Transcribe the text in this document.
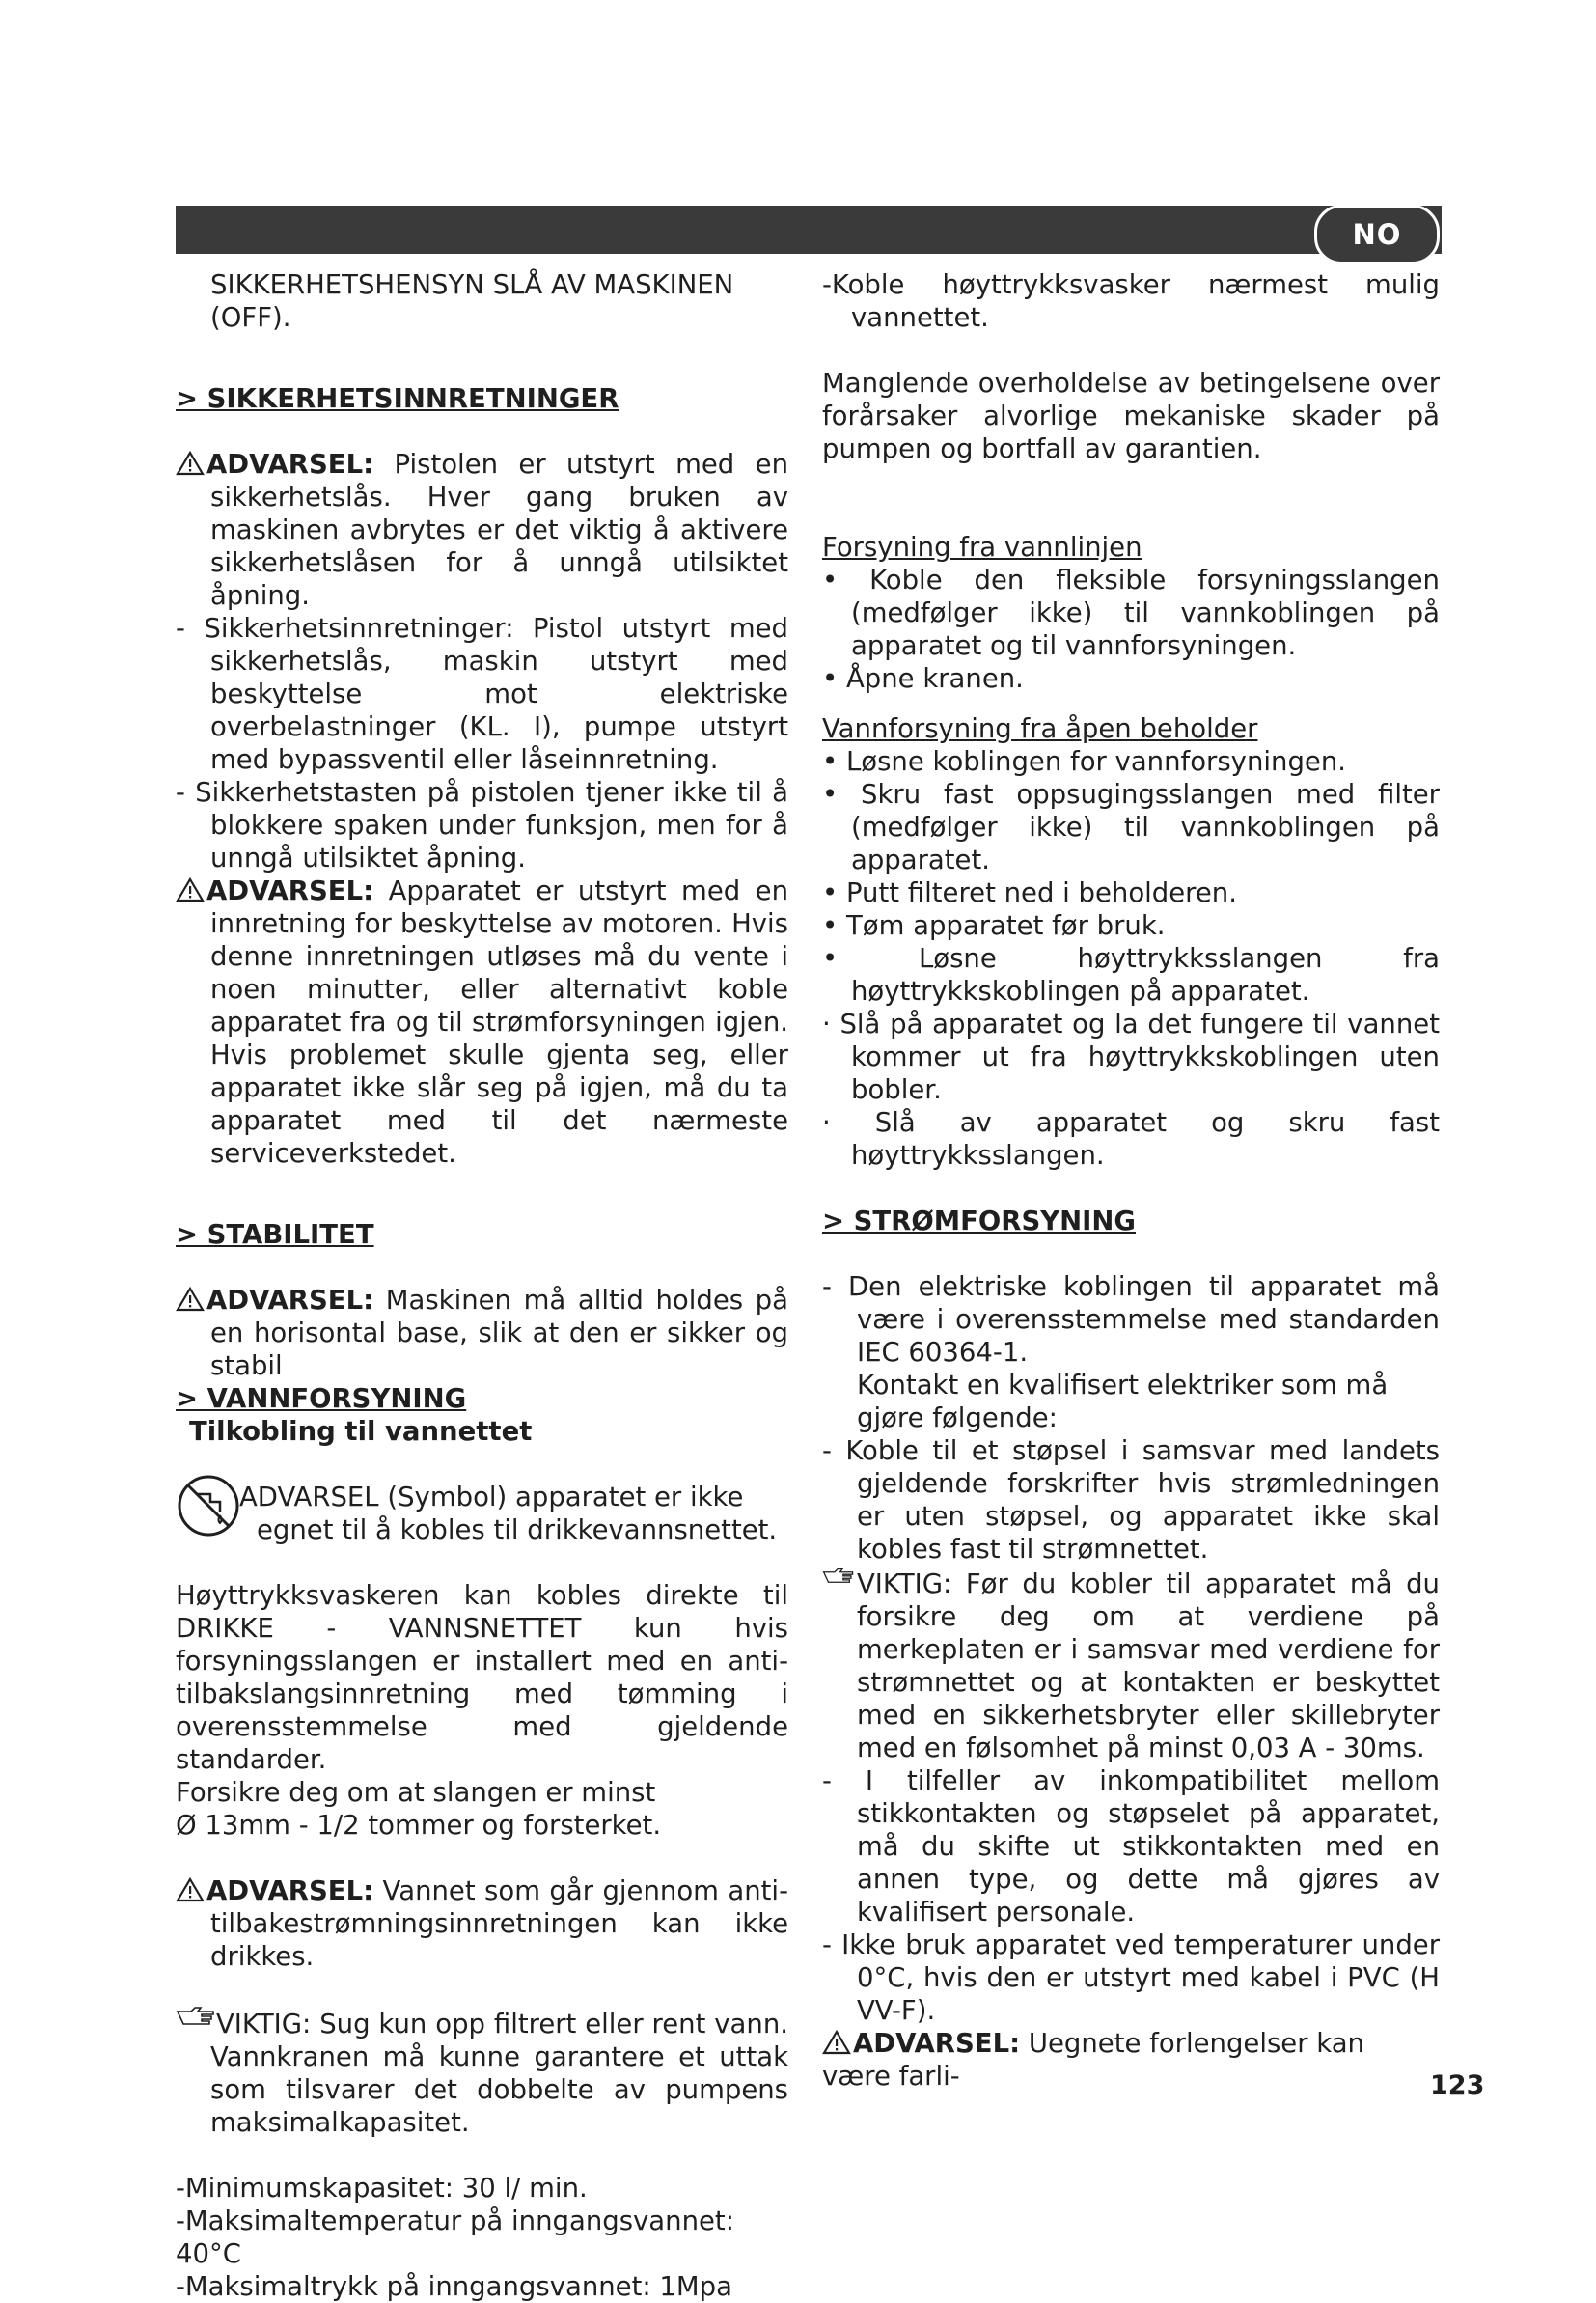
NO

SIKKERHETSHENSYN SLÅ AV MASKINEN (OFF).

> SIKKERHETSINNRETNINGER

ADVARSEL: Pistolen er utstyrt med en sikkerhetslås. Hver gang bruken av maskinen avbrytes er det viktig å aktivere sikkerhetslåsen for å unngå utilsiktet åpning.

- Sikkerhetsinnretninger: Pistol utstyrt med sikkerhetslås, maskin utstyrt med beskyttelse mot elektriske overbelastninger (KL. I), pumpe utstyrt med bypassventil eller låseinnretning.

- Sikkerhetstasten på pistolen tjener ikke til å blokkere spaken under funksjon, men for å unngå utilsiktet åpning.

ADVARSEL: Apparatet er utstyrt med en innretning for beskyttelse av motoren. Hvis denne innretningen utløses må du vente i noen minutter, eller alternativt koble apparatet fra og til strømforsyningen igjen. Hvis problemet skulle gjenta seg, eller apparatet ikke slår seg på igjen, må du ta apparatet med til det nærmeste serviceverkstedet.

> STABILITET

ADVARSEL: Maskinen må alltid holdes på en horisontal base, slik at den er sikker og stabil

> VANNFORSYNING

Tilkobling til vannettet

ADVARSEL (Symbol) apparatet er ikke egnet til å kobles til drikkevannsnettet.

Høyttrykksvaskeren kan kobles direkte til DRIKKE - VANNSNETTET kun hvis forsyningsslangen er installert med en anti-tilbakslangsinnretning med tømming i overensstemmelse med gjeldende standarder.

Forsikre deg om at slangen er minst

Ø 13mm - 1/2 tommer og forsterket.

ADVARSEL: Vannet som går gjennom anti-tilbakestrømningsinnretningen kan ikke drikkes.

VIKTIG: Sug kun opp filtrert eller rent vann. Vannkranen må kunne garantere et uttak som tilsvarer det dobbelte av pumpens maksimalkapasitet.

-Minimumskapasitet: 30 l/ min.

-Maksimaltemperatur på inngangsvannet: 40°C

-Maksimaltrykk på inngangsvannet: 1Mpa

-Koble høyttrykksvasker nærmest mulig vannettet.

Manglende overholdelse av betingelsene over forårsaker alvorlige mekaniske skader på pumpen og bortfall av garantien.

Forsyning fra vannlinjen

• Koble den fleksible forsyningsslangen (medfølger ikke) til vannkoblingen på apparatet og til vannforsyningen.

• Åpne kranen.

Vannforsyning fra åpen beholder

• Løsne koblingen for vannforsyningen.

• Skru fast oppsugingsslangen med filter (medfølger ikke) til vannkoblingen på apparatet.

• Putt filteret ned i beholderen.

• Tøm apparatet før bruk.

• Løsne høyttrykksslangen fra høyttrykkskoblingen på apparatet.

· Slå på apparatet og la det fungere til vannet kommer ut fra høyttrykkskoblingen uten bobler.

· Slå av apparatet og skru fast høyttrykksslangen.

> STRØMFORSYNING

- Den elektriske koblingen til apparatet må være i overensstemmelse med standarden IEC 60364-1.

Kontakt en kvalifisert elektriker som må gjøre følgende:

- Koble til et støpsel i samsvar med landets gjeldende forskrifter hvis strømledningen er uten støpsel, og apparatet ikke skal kobles fast til strømnettet.

VIKTIG: Før du kobler til apparatet må du forsikre deg om at verdiene på merkeplaten er i samsvar med verdiene for strømnettet og at kontakten er beskyttet med en sikkerhetsbryter eller skillebryter med en følsomhet på minst 0,03 A - 30ms.

- I tilfeller av inkompatibilitet mellom stikkontakten og støpselet på apparatet, må du skifte ut stikkontakten med en annen type, og dette må gjøres av kvalifisert personale.

- Ikke bruk apparatet ved temperaturer under 0°C, hvis den er utstyrt med kabel i PVC (H VV-F).

ADVARSEL: Uegnete forlengelser kan være farli-	123
